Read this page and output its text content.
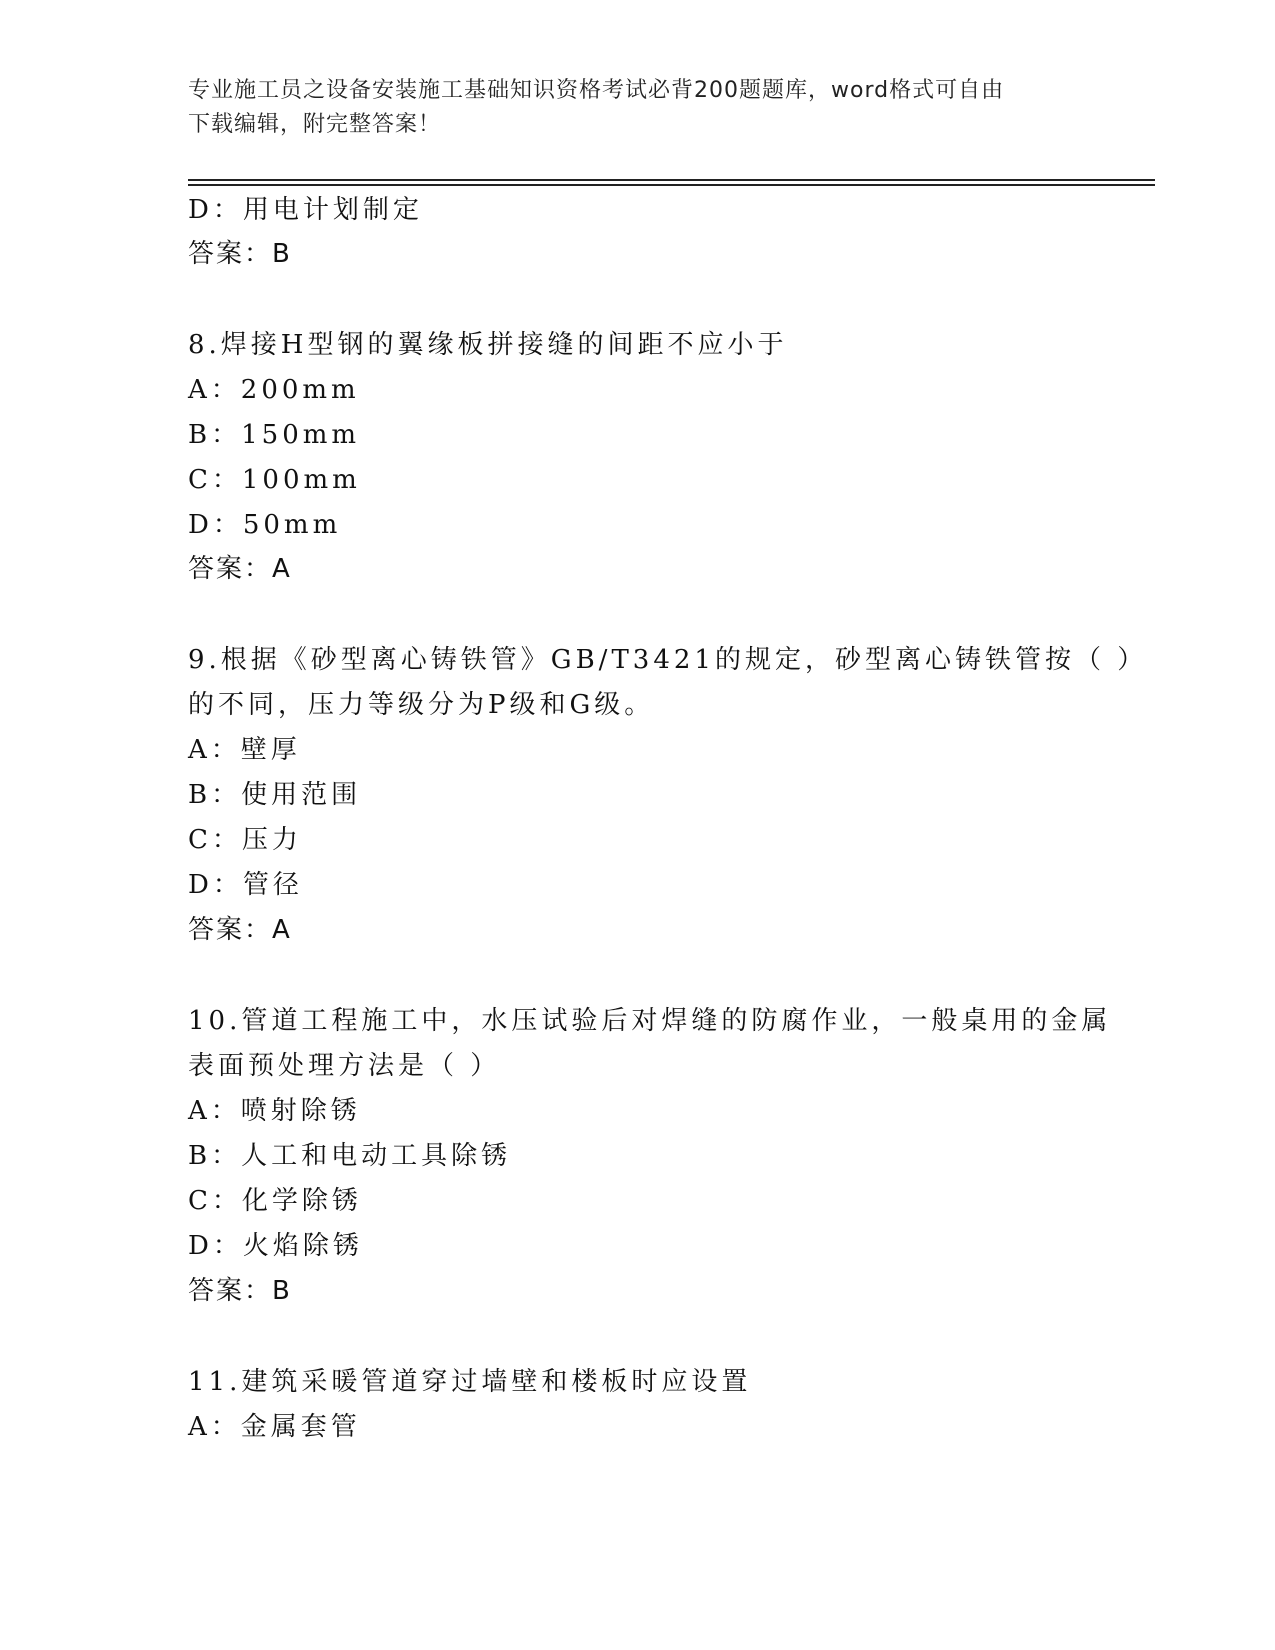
专业施工员之设备安装施工基础知识资格考试必背200题题库，word格式可自由
下载编辑，附完整答案！
D：用电计划制定
答案：B
8.焊接H型钢的翼缘板拼接缝的间距不应小于
A：200mm
B：150mm
C：100mm
D：50mm
答案：A
9.根据《砂型离心铸铁管》GB/T3421的规定，砂型离心铸铁管按（ ）
的不同，压力等级分为P级和G级。
A：壁厚
B：使用范围
C：压力
D：管径
答案：A
10.管道工程施工中，水压试验后对焊缝的防腐作业，一般桌用的金属
表面预处理方法是（ ）
A：喷射除锈
B：人工和电动工具除锈
C：化学除锈
D：火焰除锈
答案：B
11.建筑采暖管道穿过墙壁和楼板时应设置
A：金属套管
